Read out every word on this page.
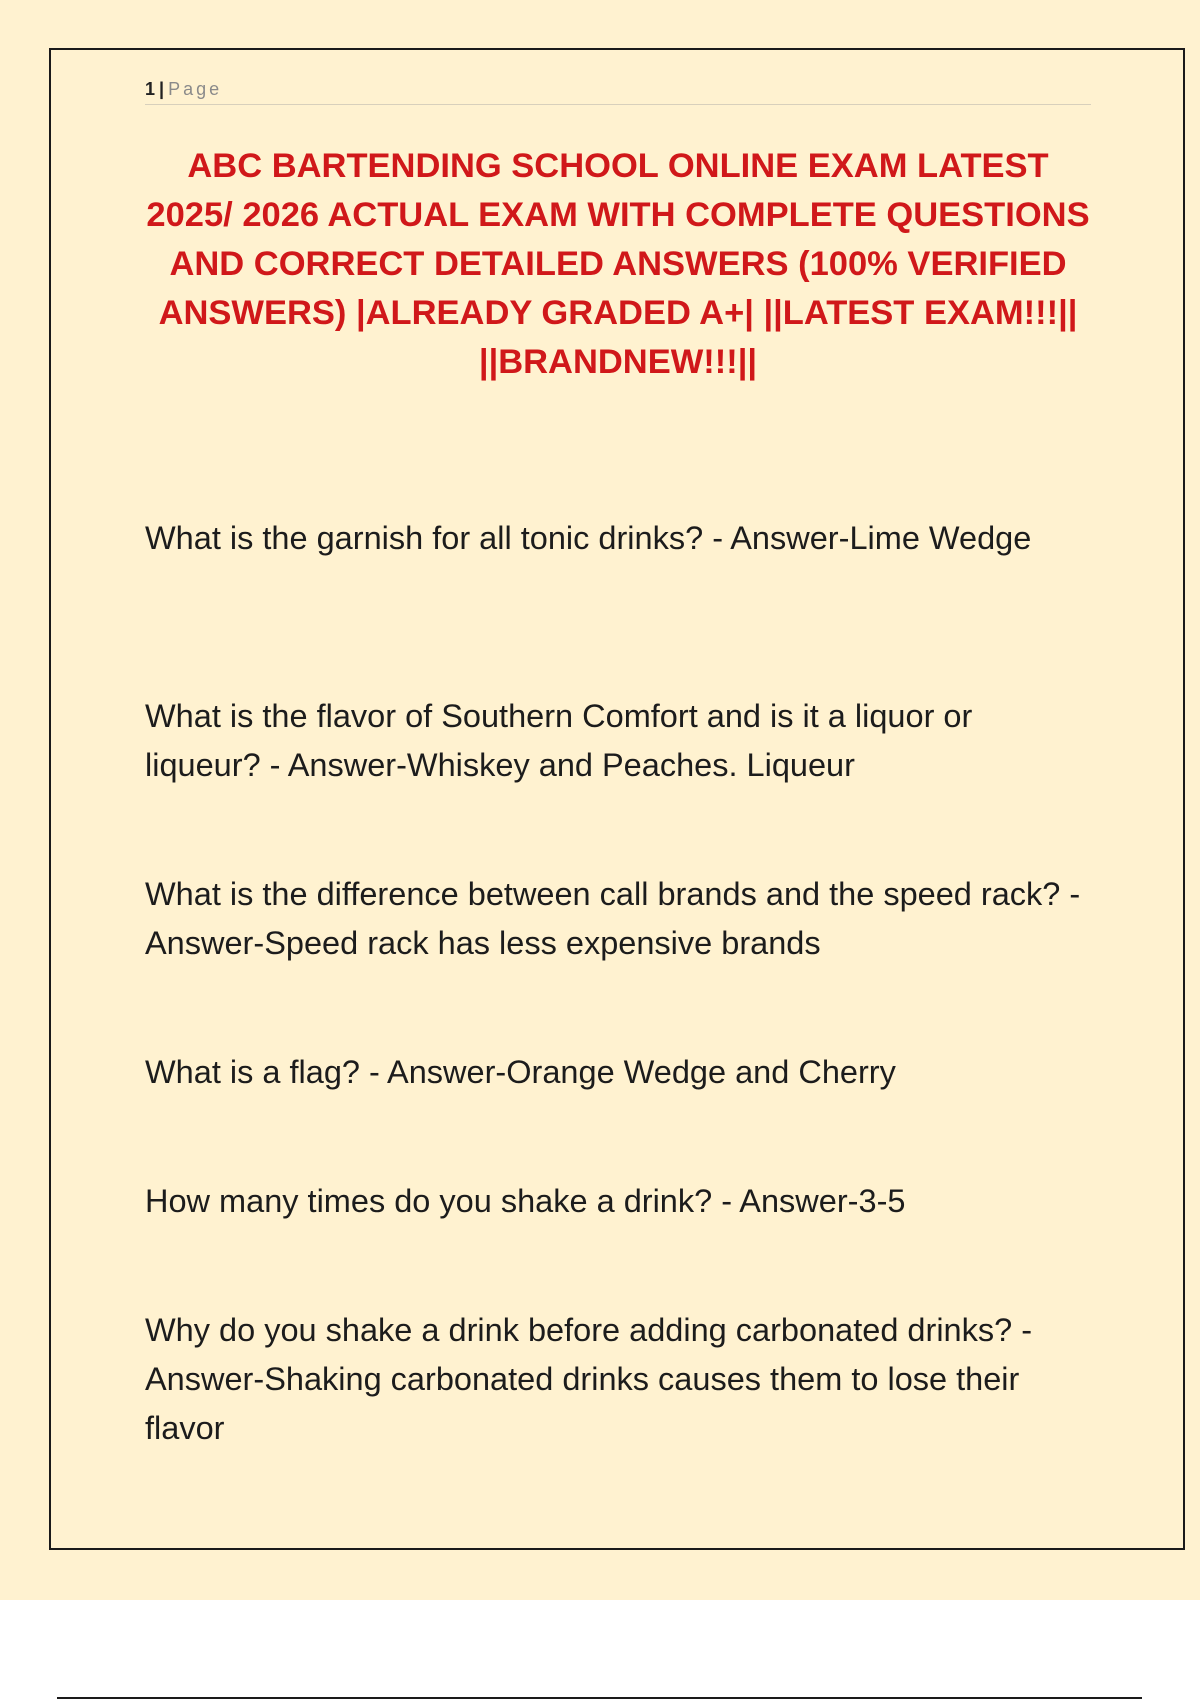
1 | Page
ABC BARTENDING SCHOOL ONLINE EXAM LATEST 2025/ 2026 ACTUAL EXAM WITH COMPLETE QUESTIONS AND CORRECT DETAILED ANSWERS (100% VERIFIED ANSWERS) |ALREADY GRADED A+| ||LATEST EXAM!!!|| ||BRANDNEW!!!||

What is the garnish for all tonic drinks? - Answer-Lime Wedge

What is the flavor of Southern Comfort and is it a liquor or liqueur? - Answer-Whiskey and Peaches. Liqueur

What is the difference between call brands and the speed rack? - Answer-Speed rack has less expensive brands

What is a flag? - Answer-Orange Wedge and Cherry

How many times do you shake a drink? - Answer-3-5

Why do you shake a drink before adding carbonated drinks? - Answer-Shaking carbonated drinks causes them to lose their flavor
